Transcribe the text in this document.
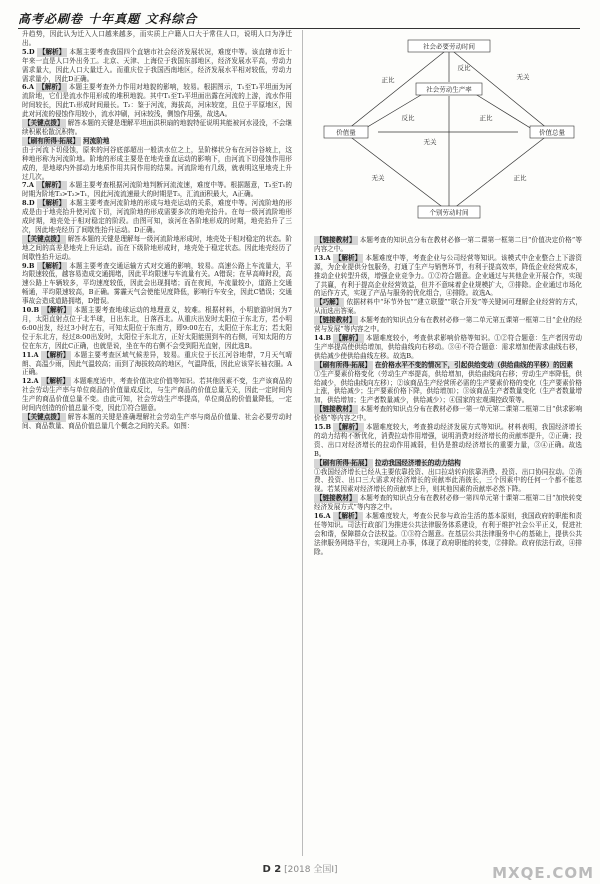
高考必刷卷 十年真题 文科综合

升趋势，因此认为迁入人口越来越多，而实质上户籍人口大于常住人口，说明人口为净迁出。

5.D 【解析】 本题主要考查我国四个直辖市社会经济发展状况，难度中等。该直辖市近十年来一直是人口外出务工。北京、天津、上海位于我国东部地区，经济发展水平高，劳动力需求量大，因此人口大量迁入。而重庆位于我国西南地区，经济发展水平相对较低，劳动力需求量小，因此D正确。

6.A 【解析】 本题主要考查外力作用对地貌的影响，较易。根据图示，T₁至T₃平坦面为河流阶地，它们是流水作用形成的堆积地貌。其中T₁至T₃平坦面出露在河流的上游，流水作用时间较长，因此T₁形成时间最长。T₂：鉴于河流，海拔高，河床较宽，且位于平原地区，因此对河流的侵蚀作用较小，流水冲刷，河床较浅，侧蚀作用强，故选A。

【关键点拨】 解答本题的关键是理解平坦面洪积扇的地貌特征说明其能被河水浸没，不会继续积累松散沉积物。

【刷有所得·拓展】 河流阶地

由于河流下切侵蚀，原来的河谷底部超出一般洪水位之上，呈阶梯状分布在河谷谷坡上，这种地形称为河流阶地。阶地的形成主要是在地壳垂直运动的影响下，由河流下切侵蚀作用形成的，是地球内外部动力地质作用共同作用的结果。河流阶地有几级，就表明这里地壳上升过几次。

7.A 【解析】 本题主要考查根据河流阶地判断河流流速，难度中等。根据题意，T₃至T₁的时期为阶地T₃>T₂>T₁，因此河流流速最大的时期是T₃，汇流面积最大，A正确。

8.D 【解析】 本题主要考查河流阶地的形成与地壳运动的关系，难度中等。河流阶地的形成是由于地壳抬升使河流下切，河流阶地的形成需要多次的地壳抬升。在每一级河流阶地形成时期，地壳处于相对稳定的阶段。由图可知，该河在各阶地形成的时期，地壳抬升了三次，因此地壳经历了间歇性抬升运动。D正确。

【关键点拨】 解答本题的关键是理解每一级河流阶地形成时，地壳处于相对稳定的状态。阶地之间的高差是地壳上升运动。而在下级阶地形成时，地壳处于稳定状态。因此地壳经历了间歇性抬升运动。

9.B 【解析】 本题主要考查交通运输方式对交通的影响，较易。高速公路上车流量大，平均限速较低，越容易造成交通拥堵，因此平均限速与车流量有关。A错误；在早高峰时段，高速公路上车辆较多，平均速度较低，因此会出现拥堵；而在夜间，车流量较小，道路上交通畅通，平均限速较高，B正确。雾霾天气会使能见度降低，影响行车安全，因此C错误；交通事故会造成道路拥堵，D错误。

10.B 【解析】 本题主要考查地球运动的地理意义，较难。根据材料，小明旅游时间为7月，太阳直射点位于北半球，日出东北，日落西北。从重庆出发时太阳位于东北方，若小明6:00出发，经过3小时左右，可知太阳位于东南方，即9:00左右，太阳位于东北方；若太阳位于东北方，经过8:00出发时，太阳位于东北方，正好太阳能照到车的右侧，可知太阳的方位在东方，因此C正确，也就是说，坐在车的右侧不会受到阳光直射，因此选B。

11.A 【解析】 本题主要考查区域气候差异，较易。重庆位于长江河谷地带，7月天气晴朗、高温少雨，因此气温较高；而到了海拔较高的地区，气温降低，因此应该穿长袖衣服。A正确。

12.A 【解析】 本题难度适中，考查价值决定价值等知识。若其他因素不变，生产该商品的社会劳动生产率与单位商品的价值量成反比，与生产商品的价值总量无关，因此一定时间内生产的商品价值总量不变。由此可知，社会劳动生产率提高，单位商品的价值量降低，一定时间内创造的价值总量不变，因此①符合题意。

【关键点拨】 解答本题的关键是准确理解社会劳动生产率与商品价值量、社会必要劳动时间、商品数量、商品价值总量几个概念之间的关系。如图：

社会必要劳动时间
社会劳动生产率
价值量	价值总量
个别劳动时间
正比
反比
无关
反比	正比
无关
无关	正比

【链接教材】 本题考查的知识点分布在教材必修一第二课第一框第二目“价值决定价格”等内容之中。

13.A 【解析】 本题难度中等，考查企业与公司经营等知识。该模式中企业整合上下游资源，为企业提供分包服务，打通了生产与销售环节，有利于提高效率，降低企业经营成本，推动企业转型升级，增强企业竞争力。①②符合题意。企业通过与其他企业开展合作，实现了共赢，有利于提高企业经营效益，但并不意味着企业规模扩大，③排除。企业通过市场化的运作方式，实现了产品与服务的优化组合，④排除。故选A。

【巧解】 依据材料中“环节外包”“建立联盟”“联合开发”等关键词可理解企业经营的方式，从而选出答案。

【链接教材】 本题考查的知识点分布在教材必修一第二单元第五课第一框第二目“企业的经营与发展”等内容之中。

14.B 【解析】 本题难度较小，考查供求影响价格等知识。①②符合题意：生产者因劳动生产率提高使供给增加，供给曲线向右移动。③④不符合题意：需求增加使需求曲线右移，供给减少使供给曲线左移。故选B。

【刷有所得·拓展】 在价格水平不变的情况下，引起供给变动（供给曲线的平移）的因素

①生产要素价格变化（劳动生产率提高，供给增加，供给曲线向右移；劳动生产率降低，供给减少，供给曲线向左移）；②该商品生产经营所必需的生产要素价格的变化（生产要素价格上涨，供给减少；生产要素价格下降，供给增加）；③该商品生产者数量变化（生产者数量增加，供给增加；生产者数量减少，供给减少）；④国家的宏观调控政策等。

【链接教材】 本题考查的知识点分布在教材必修一第一单元第二课第二框第二目“供求影响价格”等内容之中。

15.B 【解析】 本题难度较大，考查推动经济发展方式等知识。材料表明，我国经济增长的动力结构不断优化，消费拉动作用增强，说明消费对经济增长的贡献率提升，②正确；投资、出口对经济增长的拉动作用减弱，但仍是推动经济增长的重要力量，③④正确。故选B。

【刷有所得·拓展】 拉动我国经济增长的动力结构

①我国经济增长已经从主要依靠投资、出口拉动转向依靠消费、投资、出口协同拉动。②消费、投资、出口三大需求对经济增长的贡献率此消彼长，三个因素中的任何一个都不能忽视。若某因素对经济增长的贡献率上升，则其他因素的贡献率必然下降。

【链接教材】 本题考查的知识点分布在教材必修一第四单元第十课第二框第二目“加快转变经济发展方式”等内容之中。

16.A 【解析】 本题难度较大，考查公民参与政治生活的基本原则，我国政府的职能和责任等知识。司法行政部门为推进公共法律服务体系建设，有利于维护社会公平正义，促进社会和谐，保障群众合法权益。①③符合题意。在基层公共法律服务中心的基础上，提供公共法律服务网络平台，实现网上办事，体现了政府职能的转变，②排除。政府依法行政，④排除。

D 2 [2018 全国Ⅰ]	MXQE.COM
